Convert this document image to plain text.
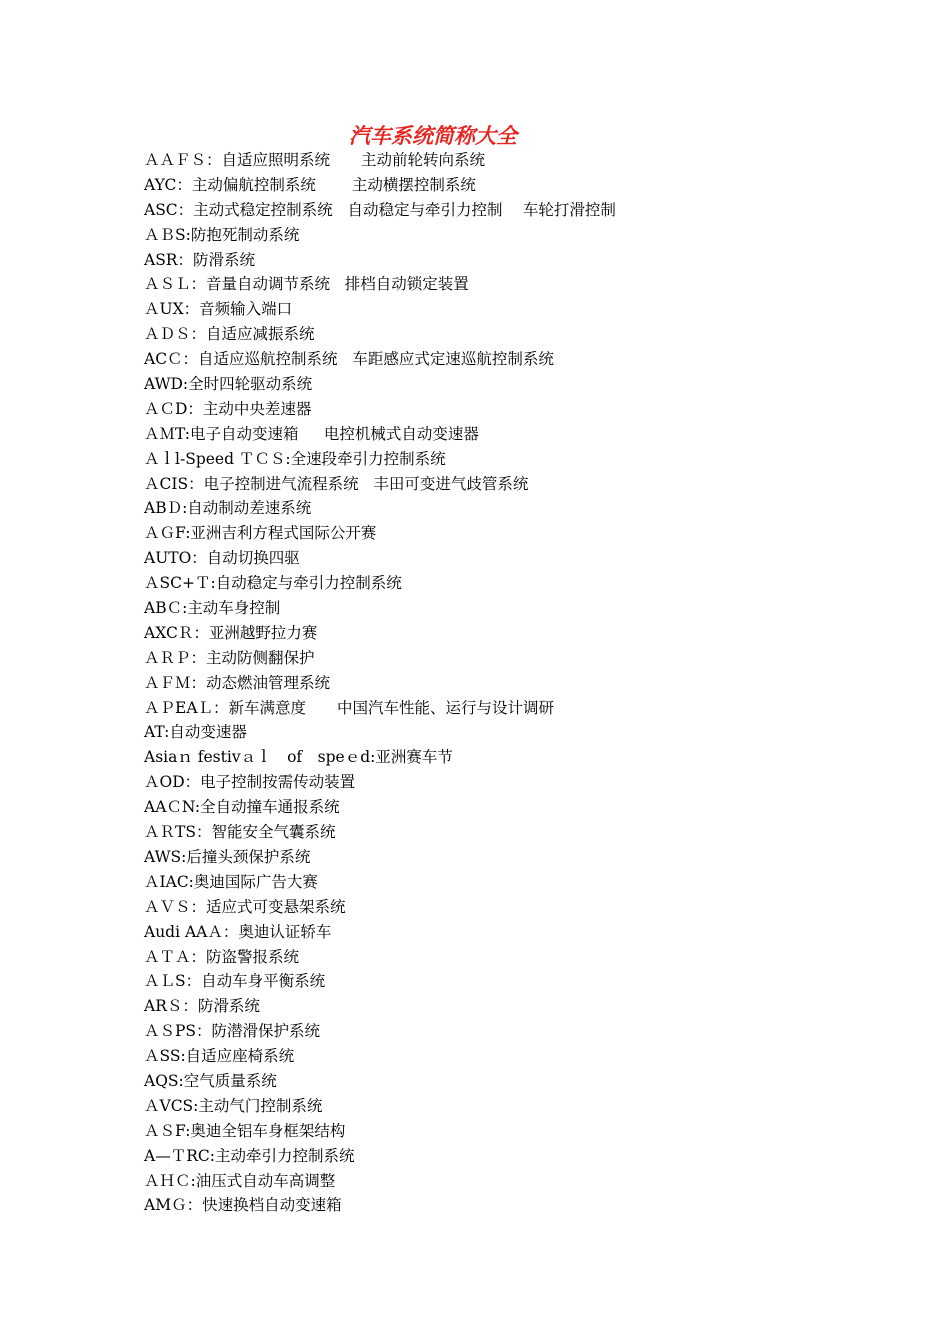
汽车系统简称大全
ＡＡＦＳ：自适应照明系统　　主动前轮转向系统
AYC：主动偏航控制系统　　 主动横摆控制系统
ASC：主动式稳定控制系统   自动稳定与牵引力控制　 车轮打滑控制
ＡＢS:防抱死制动系统
ASR：防滑系统
ＡＳＬ：音量自动调节系统   排档自动锁定装置
ＡUX：音频输入端口
ＡＤＳ：自适应减振系统
ACＣ：自适应巡航控制系统   车距感应式定速巡航控制系统
AWD:全时四轮驱动系统
ＡＣD：主动中央差速器
ＡＭT:电子自动变速箱　  电控机械式自动变速器
Ａｌl-Speed ＴＣＳ:全速段牵引力控制系统
ＡCIS：电子控制进气流程系统   丰田可变进气歧管系统
ABＤ:自动制动差速系统
ＡＧF:亚洲吉利方程式国际公开赛
AUTO：自动切换四驱
ＡSC+Ｔ:自动稳定与牵引力控制系统
ABＣ:主动车身控制
AXCＲ：亚洲越野拉力赛
ＡＲＰ：主动防侧翻保护
ＡＦＭ：动态燃油管理系统
ＡＰEAＬ：新车满意度　　中国汽车性能、运行与设计调研
AT:自动变速器
Asiaｎ festivａｌ　of　speｅd:亚洲赛车节
ＡOD：电子控制按需传动装置
AAＣN:全自动撞车通报系统
ＡＲTS：智能安全气囊系统
AWS:后撞头颈保护系统
ＡIAC:奥迪国际广告大赛
ＡＶＳ：适应式可变悬架系统
Audi AAＡ：奥迪认证轿车
ＡＴＡ：防盗警报系统
ＡＬS：自动车身平衡系统
ARＳ：防滑系统
ＡＳPS：防潜滑保护系统
ＡSS:自适应座椅系统
AQS:空气质量系统
ＡVCS:主动气门控制系统
ＡＳF:奥迪全铝车身框架结构
A—ＴRC:主动牵引力控制系统
ＡＨＣ:油压式自动车高调整
AMＧ：快速换档自动变速箱
